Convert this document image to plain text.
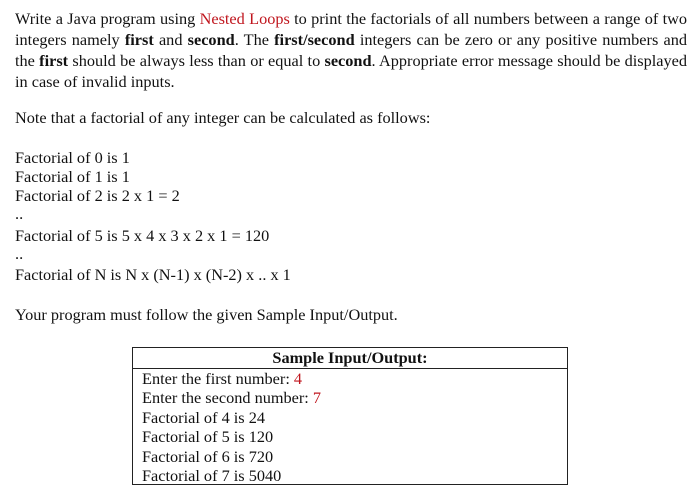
Write a Java program using Nested Loops to print the factorials of all numbers between a range of two integers namely first and second. The first/second integers can be zero or any positive numbers and the first should be always less than or equal to second. Appropriate error message should be displayed in case of invalid inputs.

Note that a factorial of any integer can be calculated as follows:

Factorial of 0 is 1

Factorial of 1 is 1

Factorial of 2 is 2 x 1 = 2

..

Factorial of 5 is 5 x 4 x 3 x 2 x 1 = 120

..

Factorial of N is N x (N-1) x (N-2) x .. x 1

Your program must follow the given Sample Input/Output.

Sample Input/Output:
Enter the first number: 4
Enter the second number: 7
Factorial of 4 is 24
Factorial of 5 is 120
Factorial of 6 is 720
Factorial of 7 is 5040
